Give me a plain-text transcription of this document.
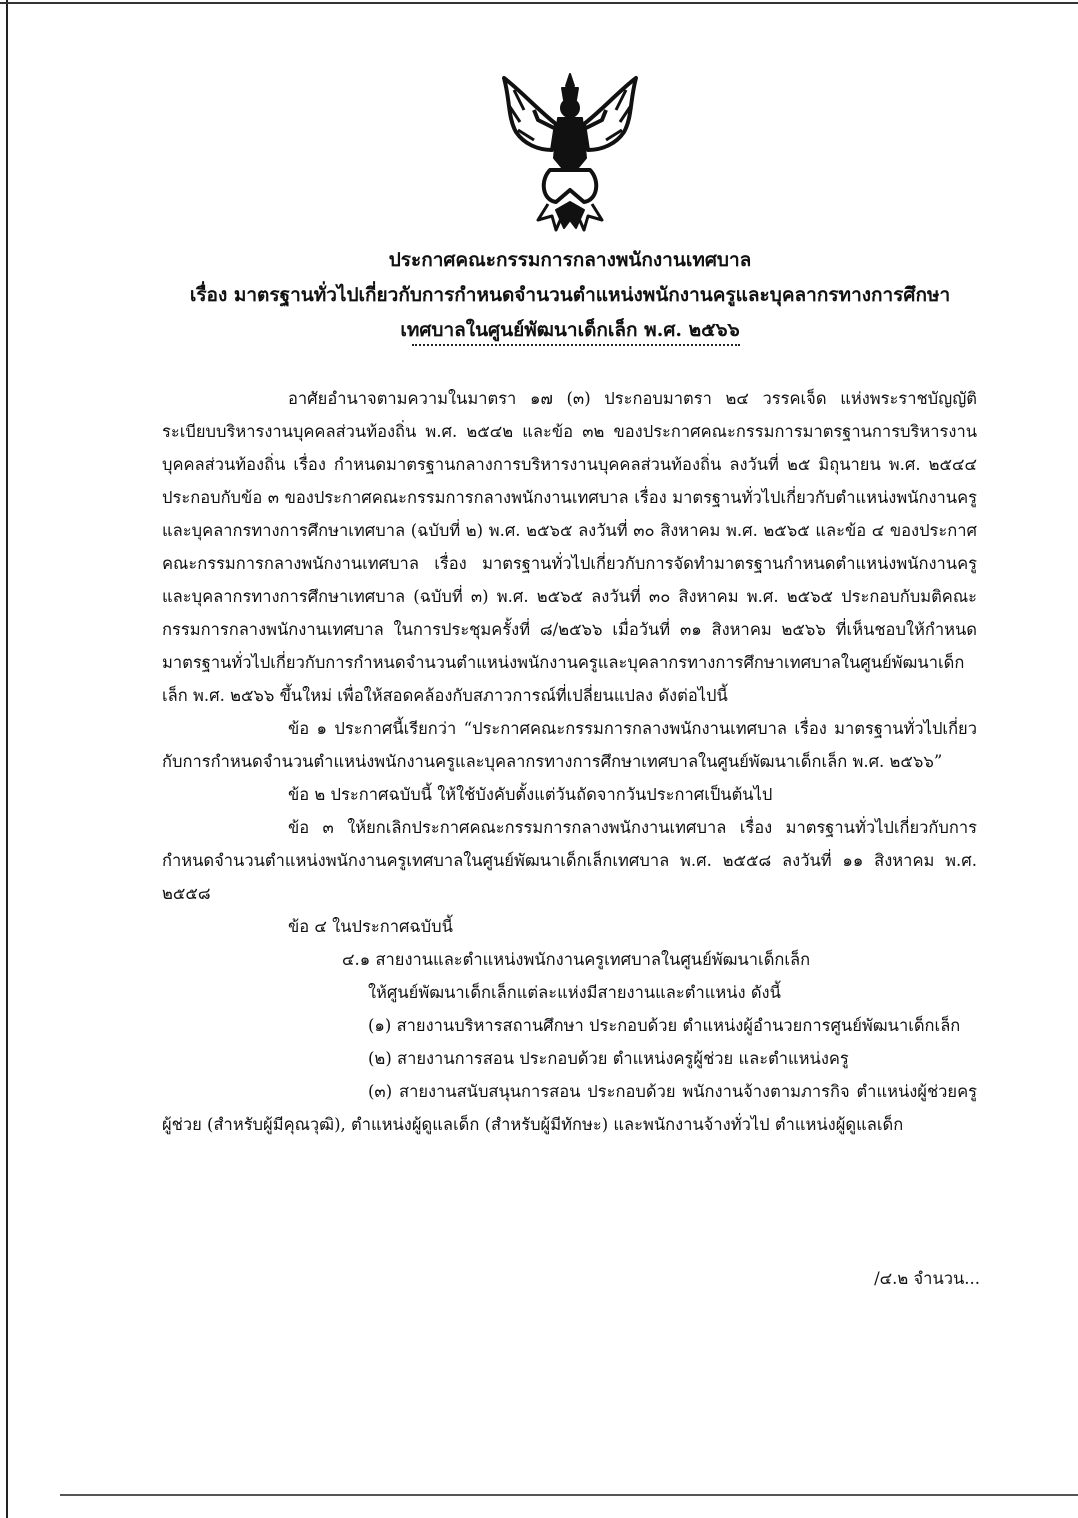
ประกาศคณะกรรมการกลางพนักงานเทศบาล
เรื่อง มาตรฐานทั่วไปเกี่ยวกับการกำหนดจำนวนตำแหน่งพนักงานครูและบุคลากรทางการศึกษา
เทศบาลในศูนย์พัฒนาเด็กเล็ก พ.ศ. ๒๕๖๖

อาศัยอำนาจตามความในมาตรา ๑๗ (๓) ประกอบมาตรา ๒๔ วรรคเจ็ด แห่งพระราชบัญญัติระเบียบบริหารงานบุคคลส่วนท้องถิ่น พ.ศ. ๒๕๔๒ และข้อ ๓๒ ของประกาศคณะกรรมการมาตรฐานการบริหารงานบุคคลส่วนท้องถิ่น เรื่อง กำหนดมาตรฐานกลางการบริหารงานบุคคลส่วนท้องถิ่น ลงวันที่ ๒๕ มิถุนายน พ.ศ. ๒๕๔๔ ประกอบกับข้อ ๓ ของประกาศคณะกรรมการกลางพนักงานเทศบาล เรื่อง มาตรฐานทั่วไปเกี่ยวกับตำแหน่งพนักงานครูและบุคลากรทางการศึกษาเทศบาล (ฉบับที่ ๒) พ.ศ. ๒๕๖๕ ลงวันที่ ๓๐ สิงหาคม พ.ศ. ๒๕๖๕ และข้อ ๔ ของประกาศคณะกรรมการกลางพนักงานเทศบาล เรื่อง มาตรฐานทั่วไปเกี่ยวกับการจัดทำมาตรฐานกำหนดตำแหน่งพนักงานครูและบุคลากรทางการศึกษาเทศบาล (ฉบับที่ ๓) พ.ศ. ๒๕๖๕ ลงวันที่ ๓๐ สิงหาคม พ.ศ. ๒๕๖๕ ประกอบกับมติคณะกรรมการกลางพนักงานเทศบาล ในการประชุมครั้งที่ ๘/๒๕๖๖ เมื่อวันที่ ๓๑ สิงหาคม ๒๕๖๖ ที่เห็นชอบให้กำหนดมาตรฐานทั่วไปเกี่ยวกับการกำหนดจำนวนตำแหน่งพนักงานครูและบุคลากรทางการศึกษาเทศบาลในศูนย์พัฒนาเด็กเล็ก พ.ศ. ๒๕๖๖ ขึ้นใหม่ เพื่อให้สอดคล้องกับสภาวการณ์ที่เปลี่ยนแปลง ดังต่อไปนี้

ข้อ ๑ ประกาศนี้เรียกว่า “ประกาศคณะกรรมการกลางพนักงานเทศบาล เรื่อง มาตรฐานทั่วไปเกี่ยวกับการกำหนดจำนวนตำแหน่งพนักงานครูและบุคลากรทางการศึกษาเทศบาลในศูนย์พัฒนาเด็กเล็ก พ.ศ. ๒๕๖๖”

ข้อ ๒ ประกาศฉบับนี้ ให้ใช้บังคับตั้งแต่วันถัดจากวันประกาศเป็นต้นไป

ข้อ ๓ ให้ยกเลิกประกาศคณะกรรมการกลางพนักงานเทศบาล เรื่อง มาตรฐานทั่วไปเกี่ยวกับการกำหนดจำนวนตำแหน่งพนักงานครูเทศบาลในศูนย์พัฒนาเด็กเล็กเทศบาล พ.ศ. ๒๕๕๘ ลงวันที่ ๑๑ สิงหาคม พ.ศ. ๒๕๕๘

ข้อ ๔ ในประกาศฉบับนี้

๔.๑ สายงานและตำแหน่งพนักงานครูเทศบาลในศูนย์พัฒนาเด็กเล็ก

ให้ศูนย์พัฒนาเด็กเล็กแต่ละแห่งมีสายงานและตำแหน่ง ดังนี้

(๑) สายงานบริหารสถานศึกษา ประกอบด้วย ตำแหน่งผู้อำนวยการศูนย์พัฒนาเด็กเล็ก

(๒) สายงานการสอน ประกอบด้วย ตำแหน่งครูผู้ช่วย และตำแหน่งครู

(๓) สายงานสนับสนุนการสอน ประกอบด้วย พนักงานจ้างตามภารกิจ ตำแหน่งผู้ช่วยครูผู้ช่วย (สำหรับผู้มีคุณวุฒิ), ตำแหน่งผู้ดูแลเด็ก (สำหรับผู้มีทักษะ) และพนักงานจ้างทั่วไป ตำแหน่งผู้ดูแลเด็ก

/๔.๒ จำนวน...
